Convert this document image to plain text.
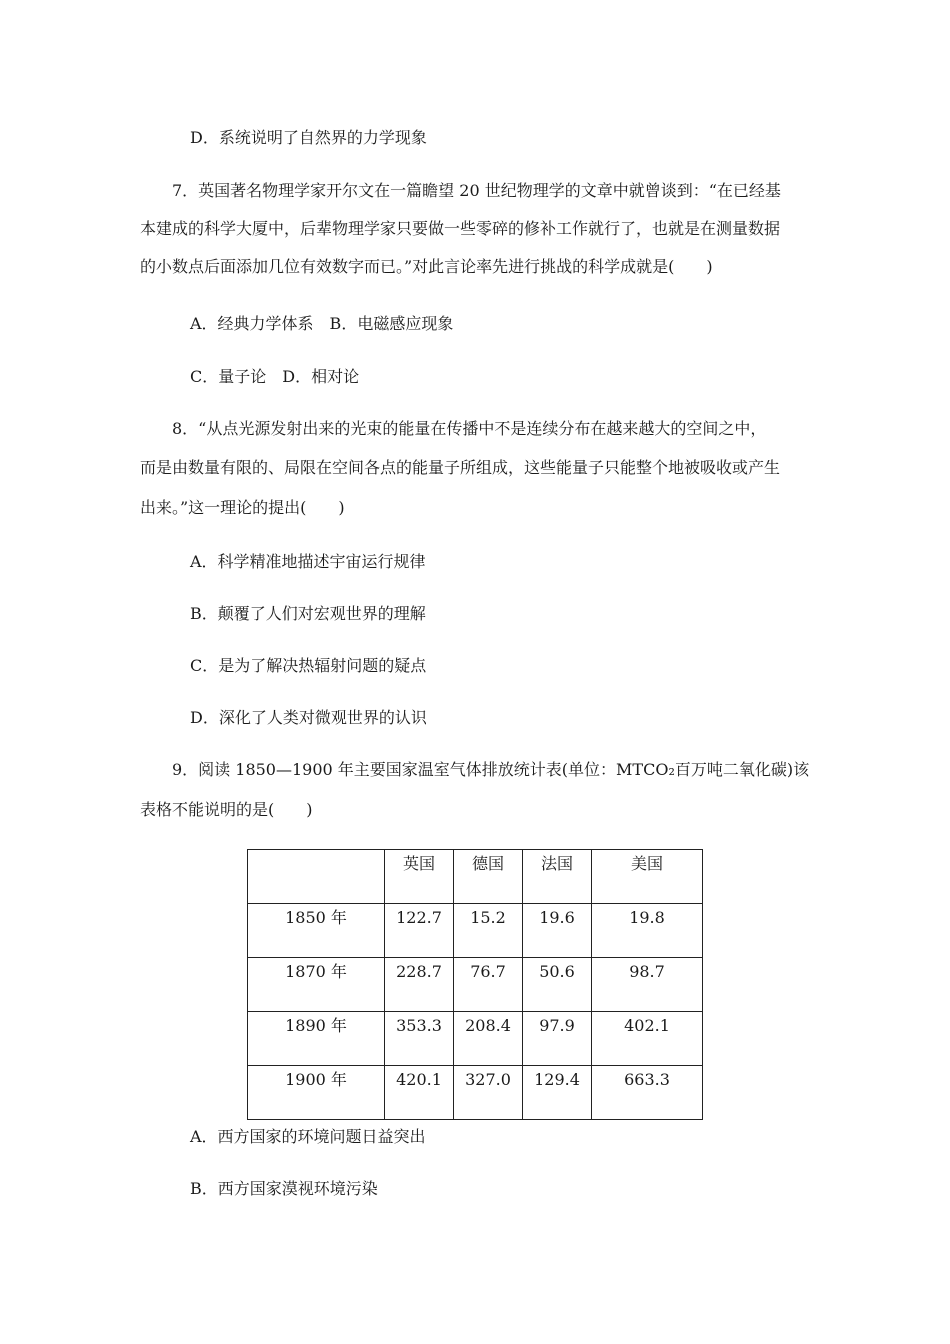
D．系统说明了自然界的力学现象
7．英国著名物理学家开尔文在一篇瞻望 20 世纪物理学的文章中就曾谈到：“在已经基
本建成的科学大厦中，后辈物理学家只要做一些零碎的修补工作就行了，也就是在测量数据
的小数点后面添加几位有效数字而已。”对此言论率先进行挑战的科学成就是(　　)
A．经典力学体系　B．电磁感应现象
C．量子论　D．相对论
8．“从点光源发射出来的光束的能量在传播中不是连续分布在越来越大的空间之中，
而是由数量有限的、局限在空间各点的能量子所组成，这些能量子只能整个地被吸收或产生
出来。”这一理论的提出(　　)
A．科学精准地描述宇宙运行规律
B．颠覆了人们对宏观世界的理解
C．是为了解决热辐射问题的疑点
D．深化了人类对微观世界的认识
9．阅读 1850—1900 年主要国家温室气体排放统计表(单位：MTCO₂百万吨二氧化碳)该
表格不能说明的是(　　)

	英国	德国	法国	美国

1850 年	122.7	15.2	19.6	19.8

1870 年	228.7	76.7	50.6	98.7

1890 年	353.3	208.4	97.9	402.1

1900 年	420.1	327.0	129.4	663.3
A．西方国家的环境问题日益突出
B．西方国家漠视环境污染
